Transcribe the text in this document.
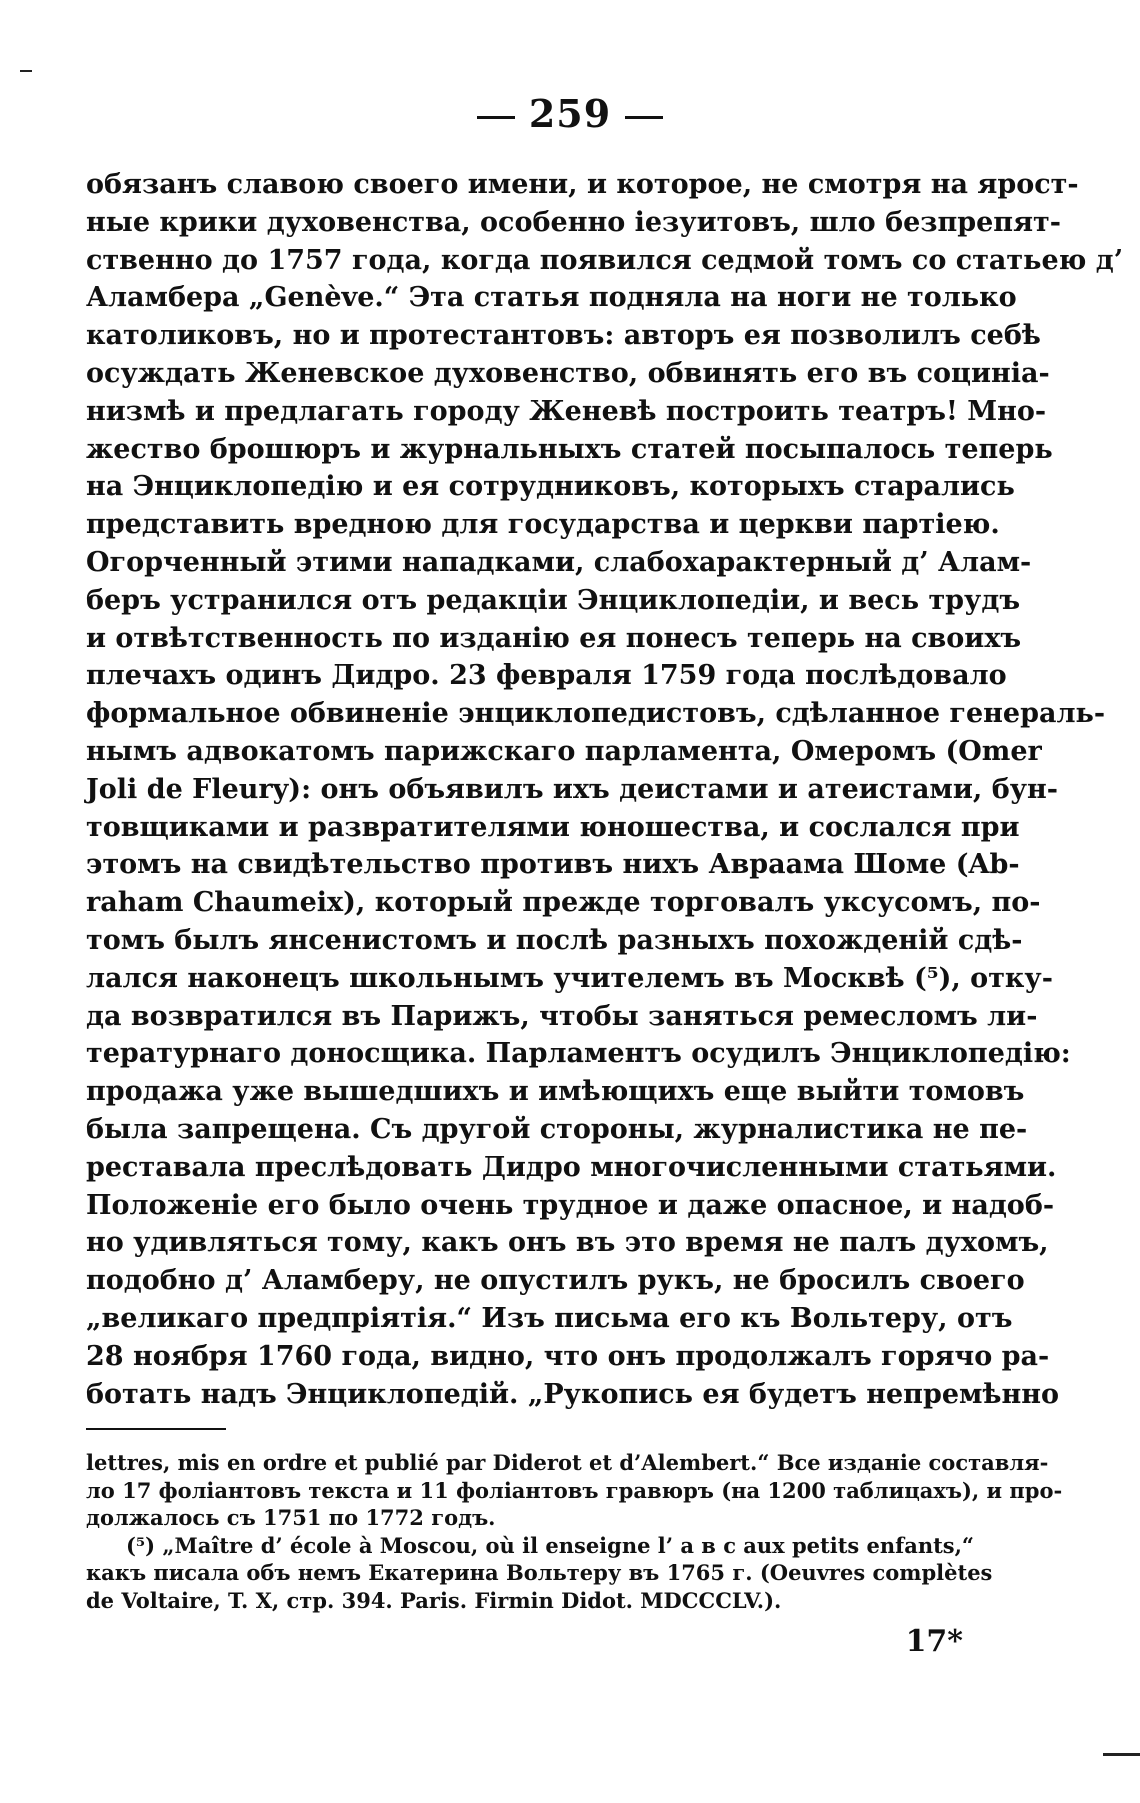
259
обязанъ славою своего имени, и которое, не смотря на ярост-
ные крики духовенства, особенно іезуитовъ, шло безпрепят-
ственно до 1757 года, когда появился седмой томъ со статьею д’
Аламбера „Genève.“ Эта статья подняла на ноги не только
католиковъ, но и протестантовъ: авторъ ея позволилъ себѣ
осуждать Женевское духовенство, обвинять его въ социніа-
низмѣ и предлагать городу Женевѣ построить театръ! Мно-
жество брошюръ и журнальныхъ статей посыпалось теперь
на Энциклопедію и ея сотрудниковъ, которыхъ старались
представить вредною для государства и церкви партіею.
Огорченный этими нападками, слабохарактерный д’ Алам-
беръ устранился отъ редакціи Энциклопедіи, и весь трудъ
и отвѣтственность по изданію ея понесъ теперь на своихъ
плечахъ одинъ Дидро. 23 февраля 1759 года послѣдовало
формальное обвиненіе энциклопедистовъ, сдѣланное генераль-
нымъ адвокатомъ парижскаго парламента, Омеромъ (Omer
Joli de Fleury): онъ объявилъ ихъ деистами и атеистами, бун-
товщиками и развратителями юношества, и сослался при
этомъ на свидѣтельство противъ нихъ Авраама Шоме (Ab-
raham Chaumeix), который прежде торговалъ уксусомъ, по-
томъ былъ янсенистомъ и послѣ разныхъ похожденій сдѣ-
лался наконецъ школьнымъ учителемъ въ Москвѣ (⁵), отку-
да возвратился въ Парижъ, чтобы заняться ремесломъ ли-
тературнаго доносщика. Парламентъ осудилъ Энциклопедію:
продажа уже вышедшихъ и имѣющихъ еще выйти томовъ
была запрещена. Съ другой стороны, журналистика не пе-
реставала преслѣдовать Дидро многочисленными статьями.
Положеніе его было очень трудное и даже опасное, и надоб-
но удивляться тому, какъ онъ въ это время не палъ духомъ,
подобно д’ Аламберу, не опустилъ рукъ, не бросилъ своего
„великаго предпріятія.“ Изъ письма его къ Вольтеру, отъ
28 ноября 1760 года, видно, что онъ продолжалъ горячо ра-
ботать надъ Энциклопедій. „Рукопись ея будетъ непремѣнно
lettres, mis en ordre et publié par Diderot et d’Alembert.“ Все изданіе составля-
ло 17 фоліантовъ текста и 11 фоліантовъ гравюръ (на 1200 таблицахъ), и про-
должалось съ 1751 по 1772 годъ.
(⁵) „Maître d’ école à Moscou, où il enseigne l’ a в c aux petits enfants,“
какъ писала объ немъ Екатерина Вольтеру въ 1765 г. (Oeuvres complètes
de Voltaire, T. X, стр. 394. Paris. Firmin Didot. MDCCCLV.).
17*
